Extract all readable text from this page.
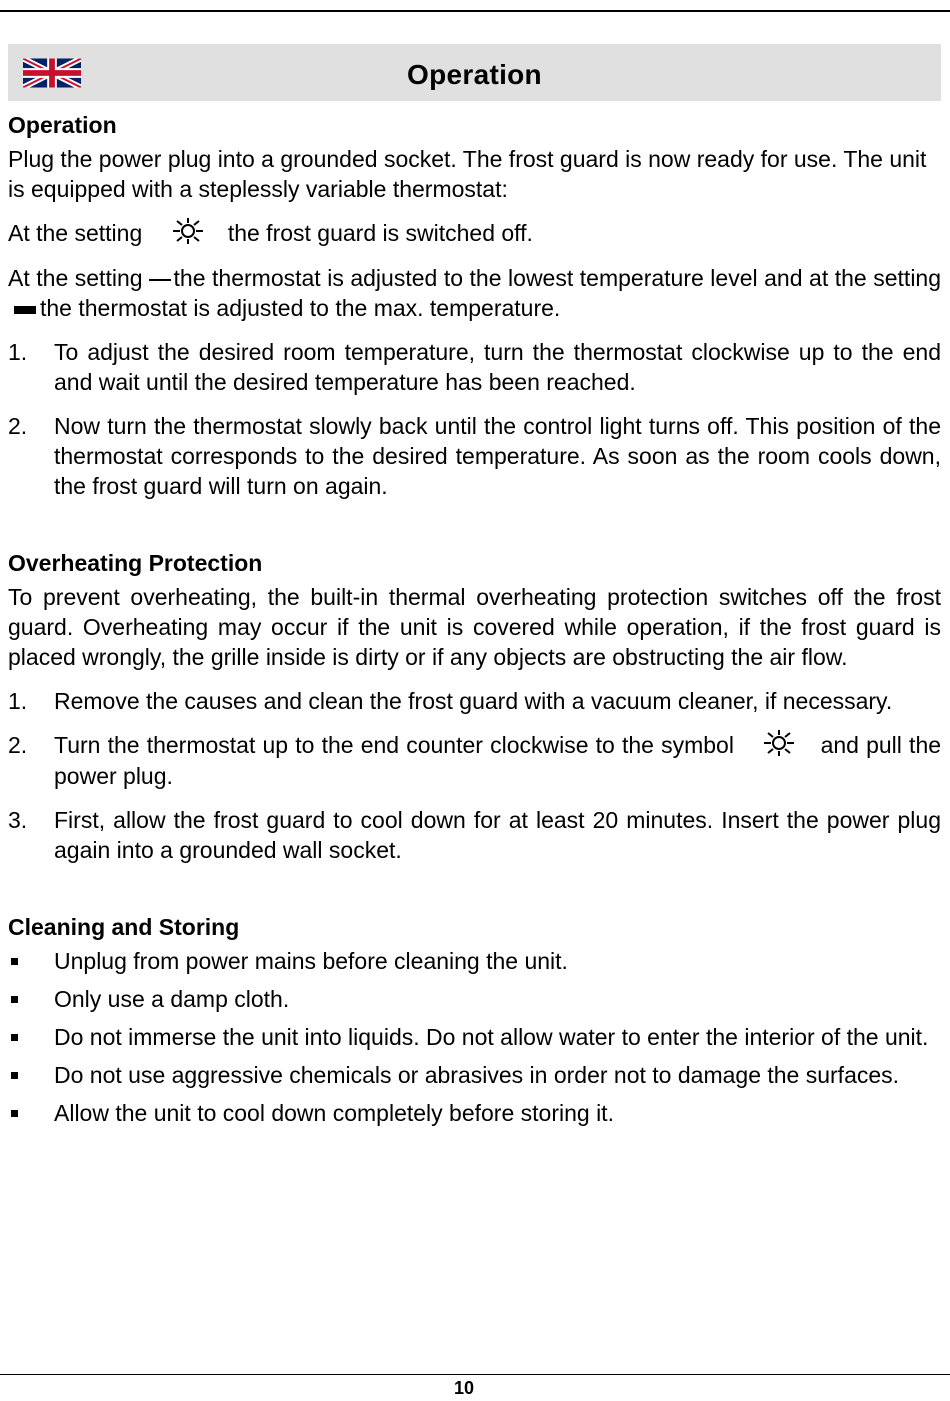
Operation
Operation

Plug the power plug into a grounded socket. The frost guard is now ready for use. The unit is equipped with a steplessly variable thermostat:

At the setting	the frost guard is switched off.

At the setting the thermostat is adjusted to the lowest temperature level and at the settingthe thermostat is adjusted to the max. temperature.

1. To adjust the desired room temperature, turn the thermostat clockwise up to the end and wait until the desired temperature has been reached.
2. Now turn the thermostat slowly back until the control light turns off. This position of the thermostat corresponds to the desired temperature. As soon as the room cools down, the frost guard will turn on again.
Overheating Protection

To prevent overheating, the built-in thermal overheating protection switches off the frost guard. Overheating may occur if the unit is covered while operation, if the frost guard is placed wrongly, the grille inside is dirty or if any objects are obstructing the air flow.

1. Remove the causes and clean the frost guard with a vacuum cleaner, if necessary.
2. Turn the thermostat up to the end counter clockwise to the symbol	and pull the power plug.
3. First, allow the frost guard to cool down for at least 20 minutes. Insert the power plug again into a grounded wall socket.
Cleaning and Storing
Unplug from power mains before cleaning the unit.
Only use a damp cloth.
Do not immerse the unit into liquids. Do not allow water to enter the interior of the unit.
Do not use aggressive chemicals or abrasives in order not to damage the surfaces.
Allow the unit to cool down completely before storing it.
10
